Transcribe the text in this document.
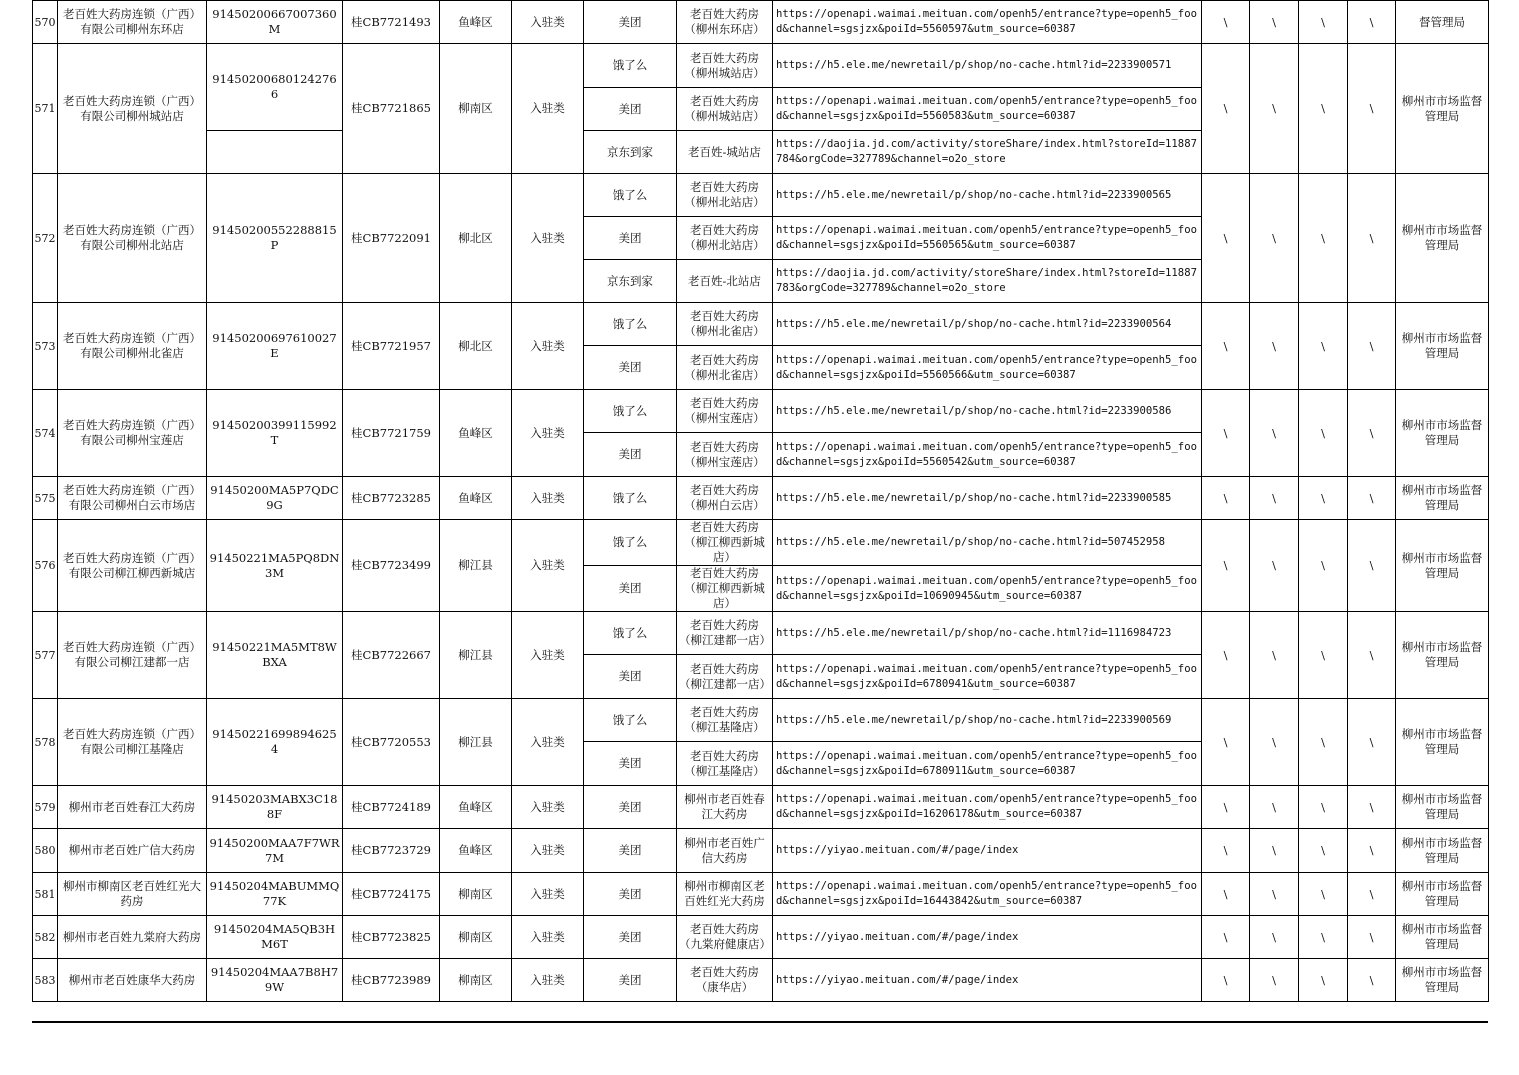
570	老百姓大药房连锁（广西）有限公司柳州东环店	91450200667007360M	桂CB7721493	鱼峰区	入驻类	美团	老百姓大药房（柳州东环店）	https://openapi.waimai.meituan.com/openh5/entrance?type=openh5_food&channel=sgsjzx&poiId=5560597&utm_source=60387	\	\	\	\	督管理局
571	老百姓大药房连锁（广西）有限公司柳州城站店	914502006801242766	桂CB7721865	柳南区	入驻类	饿了么	老百姓大药房（柳州城站店）	https://h5.ele.me/newretail/p/shop/no-cache.html?id=2233900571	\	\	\	\	柳州市市场监督管理局
						美团	老百姓大药房（柳州城站店）	https://openapi.waimai.meituan.com/openh5/entrance?type=openh5_food&channel=sgsjzx&poiId=5560583&utm_source=60387					
						京东到家	老百姓-城站店	https://daojia.jd.com/activity/storeShare/index.html?storeId=11887784&orgCode=327789&channel=o2o_store					
572	老百姓大药房连锁（广西）有限公司柳州北站店	91450200552288815P	桂CB7722091	柳北区	入驻类	饿了么	老百姓大药房（柳州北站店）	https://h5.ele.me/newretail/p/shop/no-cache.html?id=2233900565	\	\	\	\	柳州市市场监督管理局
						美团	老百姓大药房（柳州北站店）	https://openapi.waimai.meituan.com/openh5/entrance?type=openh5_food&channel=sgsjzx&poiId=5560565&utm_source=60387					
						京东到家	老百姓-北站店	https://daojia.jd.com/activity/storeShare/index.html?storeId=11887783&orgCode=327789&channel=o2o_store					
573	老百姓大药房连锁（广西）有限公司柳州北雀店	91450200697610027E	桂CB7721957	柳北区	入驻类	饿了么	老百姓大药房（柳州北雀店）	https://h5.ele.me/newretail/p/shop/no-cache.html?id=2233900564	\	\	\	\	柳州市市场监督管理局
						美团	老百姓大药房（柳州北雀店）	https://openapi.waimai.meituan.com/openh5/entrance?type=openh5_food&channel=sgsjzx&poiId=5560566&utm_source=60387					
574	老百姓大药房连锁（广西）有限公司柳州宝莲店	91450200399115992T	桂CB7721759	鱼峰区	入驻类	饿了么	老百姓大药房（柳州宝莲店）	https://h5.ele.me/newretail/p/shop/no-cache.html?id=2233900586	\	\	\	\	柳州市市场监督管理局
						美团	老百姓大药房（柳州宝莲店）	https://openapi.waimai.meituan.com/openh5/entrance?type=openh5_food&channel=sgsjzx&poiId=5560542&utm_source=60387					
575	老百姓大药房连锁（广西）有限公司柳州白云市场店	91450200MA5P7QDC9G	桂CB7723285	鱼峰区	入驻类	饿了么	老百姓大药房（柳州白云店）	https://h5.ele.me/newretail/p/shop/no-cache.html?id=2233900585	\	\	\	\	柳州市市场监督管理局
576	老百姓大药房连锁（广西）有限公司柳江柳西新城店	91450221MA5PQ8DN3M	桂CB7723499	柳江县	入驻类	饿了么	老百姓大药房（柳江柳西新城店）	https://h5.ele.me/newretail/p/shop/no-cache.html?id=507452958	\	\	\	\	柳州市市场监督管理局
						美团	老百姓大药房（柳江柳西新城店）	https://openapi.waimai.meituan.com/openh5/entrance?type=openh5_food&channel=sgsjzx&poiId=10690945&utm_source=60387					
577	老百姓大药房连锁（广西）有限公司柳江建都一店	91450221MA5MT8WBXA	桂CB7722667	柳江县	入驻类	饿了么	老百姓大药房（柳江建都一店）	https://h5.ele.me/newretail/p/shop/no-cache.html?id=1116984723	\	\	\	\	柳州市市场监督管理局
						美团	老百姓大药房（柳江建都一店）	https://openapi.waimai.meituan.com/openh5/entrance?type=openh5_food&channel=sgsjzx&poiId=6780941&utm_source=60387					
578	老百姓大药房连锁（广西）有限公司柳江基隆店	914502216998946254	桂CB7720553	柳江县	入驻类	饿了么	老百姓大药房（柳江基隆店）	https://h5.ele.me/newretail/p/shop/no-cache.html?id=2233900569	\	\	\	\	柳州市市场监督管理局
						美团	老百姓大药房（柳江基隆店）	https://openapi.waimai.meituan.com/openh5/entrance?type=openh5_food&channel=sgsjzx&poiId=6780911&utm_source=60387					
579	柳州市老百姓春江大药房	91450203MABX3C188F	桂CB7724189	鱼峰区	入驻类	美团	柳州市老百姓春江大药房	https://openapi.waimai.meituan.com/openh5/entrance?type=openh5_food&channel=sgsjzx&poiId=16206178&utm_source=60387	\	\	\	\	柳州市市场监督管理局
580	柳州市老百姓广信大药房	91450200MAA7F7WR7M	桂CB7723729	鱼峰区	入驻类	美团	柳州市老百姓广信大药房	https://yiyao.meituan.com/#/page/index	\	\	\	\	柳州市市场监督管理局
581	柳州市柳南区老百姓红光大药房	91450204MABUMMQ77K	桂CB7724175	柳南区	入驻类	美团	柳州市柳南区老百姓红光大药房	https://openapi.waimai.meituan.com/openh5/entrance?type=openh5_food&channel=sgsjzx&poiId=16443842&utm_source=60387	\	\	\	\	柳州市市场监督管理局
582	柳州市老百姓九棠府大药房	91450204MA5QB3HM6T	桂CB7723825	柳南区	入驻类	美团	老百姓大药房（九棠府健康店）	https://yiyao.meituan.com/#/page/index	\	\	\	\	柳州市市场监督管理局
583	柳州市老百姓康华大药房	91450204MAA7B8H79W	桂CB7723989	柳南区	入驻类	美团	老百姓大药房（康华店）	https://yiyao.meituan.com/#/page/index	\	\	\	\	柳州市市场监督管理局
